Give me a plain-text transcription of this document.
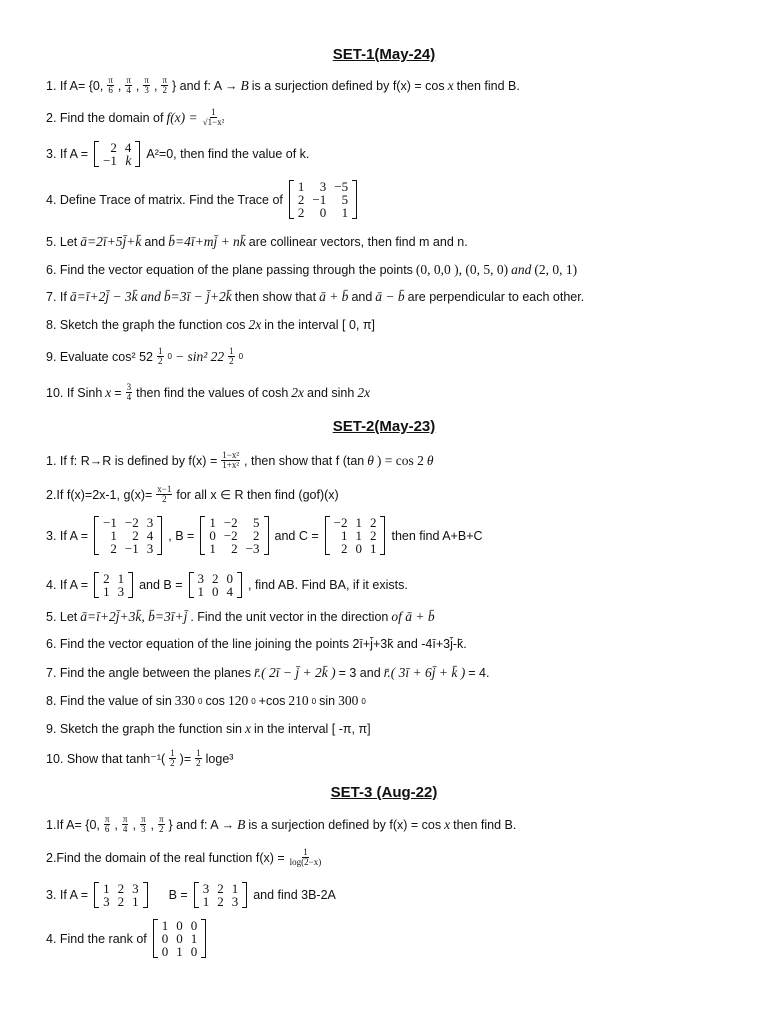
SET-1(May-24)
1. If A= {0, $\frac{\pi}{6}$ , $\frac{\pi}{4}$ , $\frac{\pi}{3}$ , $\frac{\pi}{2}$ } and f: A → B is a surjection defined by f(x) = cos x then find B.
2. Find the domain of $f(x) = \frac{1}{\text{√1−x²}}$
3. If A = 2	4
−1	k A²=0, then find the value of k.
4. Define Trace of matrix. Find the Trace of
1	3	−5
2	−1	5
2	0	1
5. Let ā=2ī+5j̄+k̄ and b̄=4ī+mj̄ + nk̄ are collinear vectors, then find m and n.
6. Find the vector equation of the plane passing through the points (0, 0,0 ), (0, 5, 0) and (2, 0, 1)
7. If ā=ī+2j̄ − 3k̄ and b̄=3ī − j̄+2k̄ then show that ā + b̄ and ā − b̄ are perpendicular to each other.
8. Sketch the graph the function cos 2x in the interval [ 0, π]
9. Evaluate cos² $52 \frac{1}{2} 0 - \sin^2$ $22 \frac{1}{2} 0$
10. If Sinh $x = \frac{3}{4}$ then find the values of cosh 2x and sinh 2x
SET-2(May-23)
1. If f: R→R is defined by $f(x) = \frac{\text{1−x²}}{\text{1+x²}}$ , then show that f (tan θ ) = cos 2 θ
2.If f(x)=2x-1, $g(x)= \frac{x-1}{2}$ for all x ∈ R then find (gof)(x)
3. If A =
−1	−2	3
1	2	4
2	−1	3
, B =
1	−2	5
0	−2	2
1	2	−3
and C =
−2	1	2
1	1	2
2	0	1
then find A+B+C
4. If A = 2	1
1	3 and B = 3	2	0
1	0	4 , find AB. Find BA, if it exists.
5. Let ā=ī+2j̄+3k̄, b̄=3ī+j̄ . Find the unit vector in the direction of ā + b̄
6. Find the vector equation of the line joining the points 2ī+j̄+3k̄ and -4ī+3j̄-k̄.
7. Find the angle between the planes r̄.( 2ī − j̄ + 2k̄ ) = 3 and r̄.( 3ī + 6j̄ + k̄ ) = 4.
8. Find the value of sin 330 0 cos 120 0 +cos 210 0 sin 300 0
9. Sketch the graph the function sin x in the interval [ -π, π]
10. Show that $\tanh^{-1}( \frac{1}{2}$ )= $\frac{1}{2} \log e^3$
SET-3 (Aug-22)
1.If A= {0, $\frac{\pi}{6}$ , $\frac{\pi}{4}$ , $\frac{\pi}{3}$ , $\frac{\pi}{2}$ } and f: A → B is a surjection defined by f(x) = cos x then find B.
2.Find the domain of the real function $f(x) = \frac{1}{\log(2-x)}$
3. If A = 1	2	3
3	2	1 B = 3	2	1
1	2	3 and find 3B-2A
4. Find the rank of
1	0	0
0	0	1
0	1	0
